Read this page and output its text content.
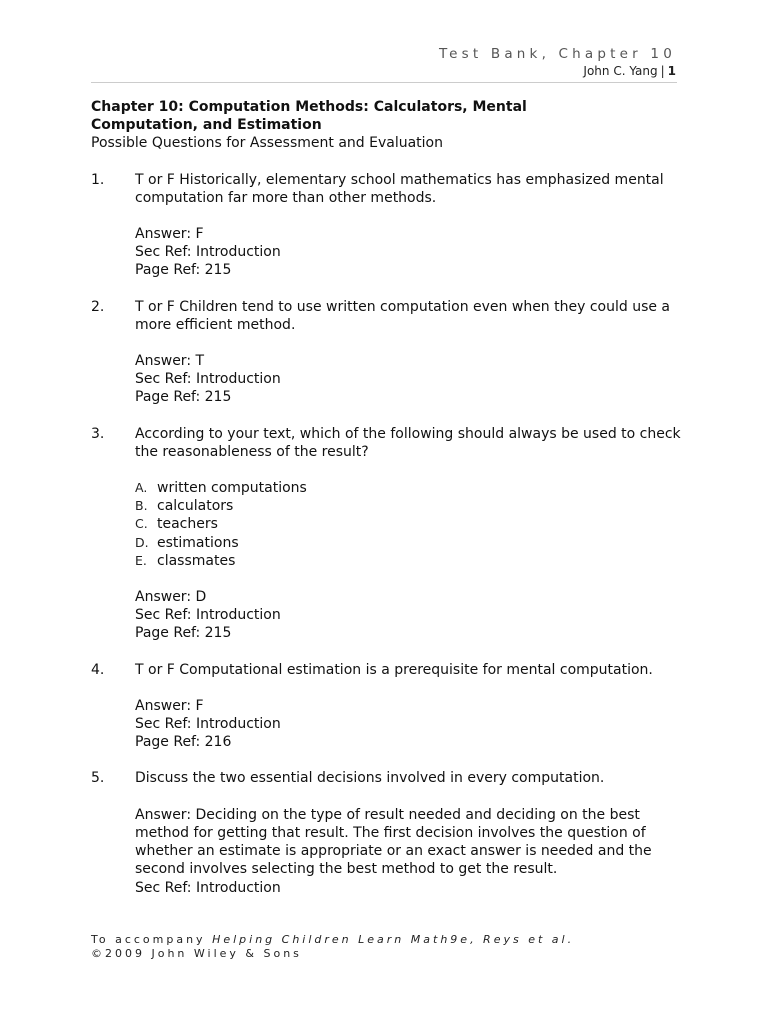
Test Bank, Chapter 10
John C. Yang | 1

Chapter 10: Computation Methods: Calculators, Mental

Computation, and Estimation

Possible Questions for Assessment and Evaluation

1.	T or F Historically, elementary school mathematics has emphasized mental computation far more than other methods.
Answer: F
Sec Ref: Introduction
Page Ref: 215
2.	T or F Children tend to use written computation even when they could use a more efficient method.
Answer: T
Sec Ref: Introduction
Page Ref: 215
3.	According to your text, which of the following should always be used to check the reasonableness of the result?
A. written computations
B. calculators
C. teachers
D. estimations
E. classmates
Answer: D
Sec Ref: Introduction
Page Ref: 215
4.	T or F Computational estimation is a prerequisite for mental computation.
Answer: F
Sec Ref: Introduction
Page Ref: 216
5.	Discuss the two essential decisions involved in every computation.
Answer: Deciding on the type of result needed and deciding on the best method for getting that result. The first decision involves the question of whether an estimate is appropriate or an exact answer is needed and the second involves selecting the best method to get the result.
Sec Ref: Introduction
To accompany Helping Children Learn Math9e, Reys et al.
©2009 John Wiley & Sons
